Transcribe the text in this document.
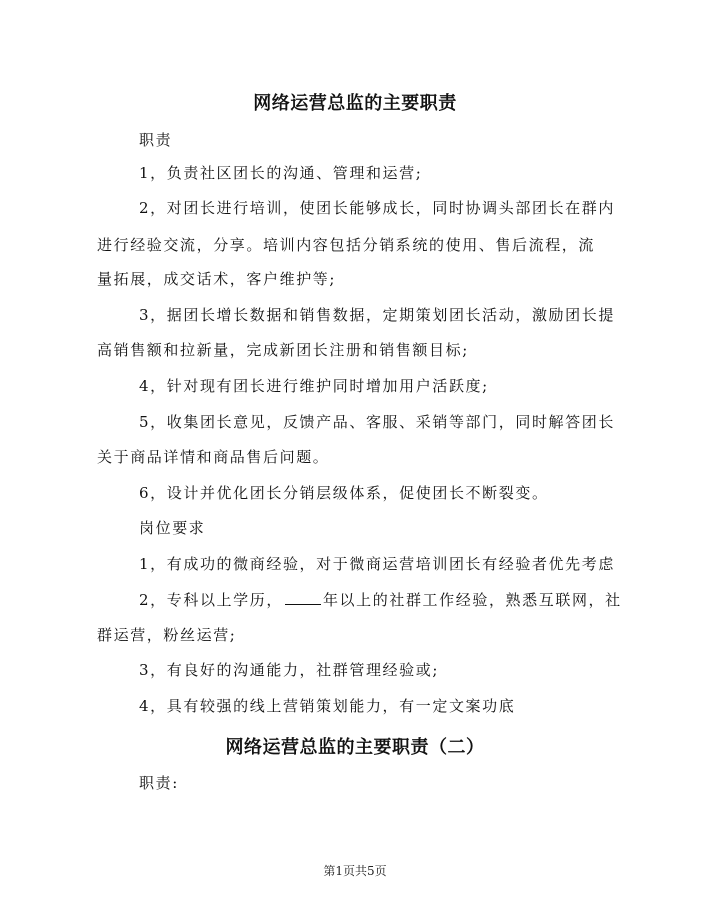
网络运营总监的主要职责
职责
1，负责社区团长的沟通、管理和运营;
2，对团长进行培训，使团长能够成长，同时协调头部团长在群内
进行经验交流，分享。培训内容包括分销系统的使用、售后流程，流
量拓展，成交话术，客户维护等;
3，据团长增长数据和销售数据，定期策划团长活动，激励团长提
高销售额和拉新量，完成新团长注册和销售额目标;
4，针对现有团长进行维护同时增加用户活跃度;
5，收集团长意见，反馈产品、客服、采销等部门，同时解答团长
关于商品详情和商品售后问题。
6，设计并优化团长分销层级体系，促使团长不断裂变。
岗位要求
1，有成功的微商经验，对于微商运营培训团长有经验者优先考虑
2，专科以上学历，	年以上的社群工作经验，熟悉互联网，社
群运营，粉丝运营;
3，有良好的沟通能力，社群管理经验或;
4，具有较强的线上营销策划能力，有一定文案功底
网络运营总监的主要职责（二）
职责:
第1页共5页
